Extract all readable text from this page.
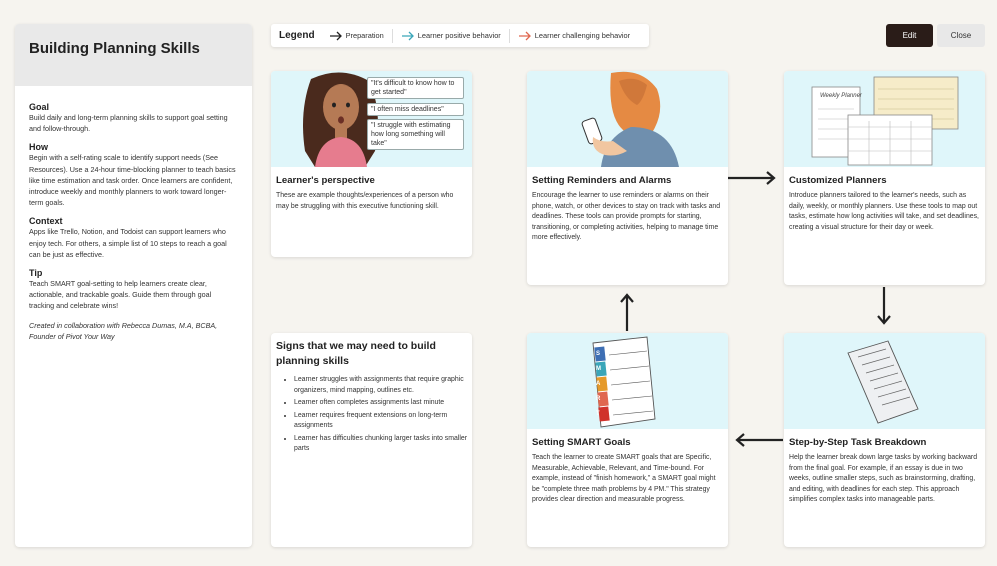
Building Planning Skills
Goal
Build daily and long-term planning skills to support goal setting and follow-through.
How
Begin with a self-rating scale to identify support needs (See Resources). Use a 24-hour time-blocking planner to teach basics like time estimation and task order. Once learners are confident, introduce weekly and monthly planners to work toward longer-term goals.
Context
Apps like Trello, Notion, and Todoist can support learners who enjoy tech. For others, a simple list of 10 steps to reach a goal can be just as effective.
Tip
Teach SMART goal-setting to help learners create clear, actionable, and trackable goals. Guide them through goal tracking and celebrate wins!
Created in collaboration with Rebecca Dumas, M.A, BCBA,
Founder of Pivot Your Way
Legend	Preparation	Learner positive behavior	Learner challenging behavior	Edit	Close
"It's difficult to know how to get started"
"I often miss deadlines"
"I struggle with estimating how long something will take"
Learner's perspective
These are example thoughts/experiences of a person who may be struggling with this executive functioning skill.
Signs that we may need to build planning skills
• Learner struggles with assignments that require graphic organizers, mind mapping, outlines etc.
• Learner often completes assignments last minute
• Learner requires frequent extensions on long-term assignments
• Learner has difficulties chunking larger tasks into smaller parts
Setting Reminders and Alarms
Encourage the learner to use reminders or alarms on their phone, watch, or other devices to stay on track with tasks and deadlines. These tools can provide prompts for starting, transitioning, or completing activities, helping to manage time more effectively.
Weekly Planner
Customized Planners
Introduce planners tailored to the learner's needs, such as daily, weekly, or monthly planners. Use these tools to map out tasks, estimate how long activities will take, and set deadlines, creating a visual structure for their day or week.
S
M
A
R
T
Setting SMART Goals
Teach the learner to create SMART goals that are Specific, Measurable, Achievable, Relevant, and Time-bound. For example, instead of "finish homework," a SMART goal might be "complete three math problems by 4 PM." This strategy provides clear direction and measurable progress.
Step-by-Step Task Breakdown
Help the learner break down large tasks by working backward from the final goal. For example, if an essay is due in two weeks, outline smaller steps, such as brainstorming, drafting, and editing, with deadlines for each step. This approach simplifies complex tasks into manageable parts.
